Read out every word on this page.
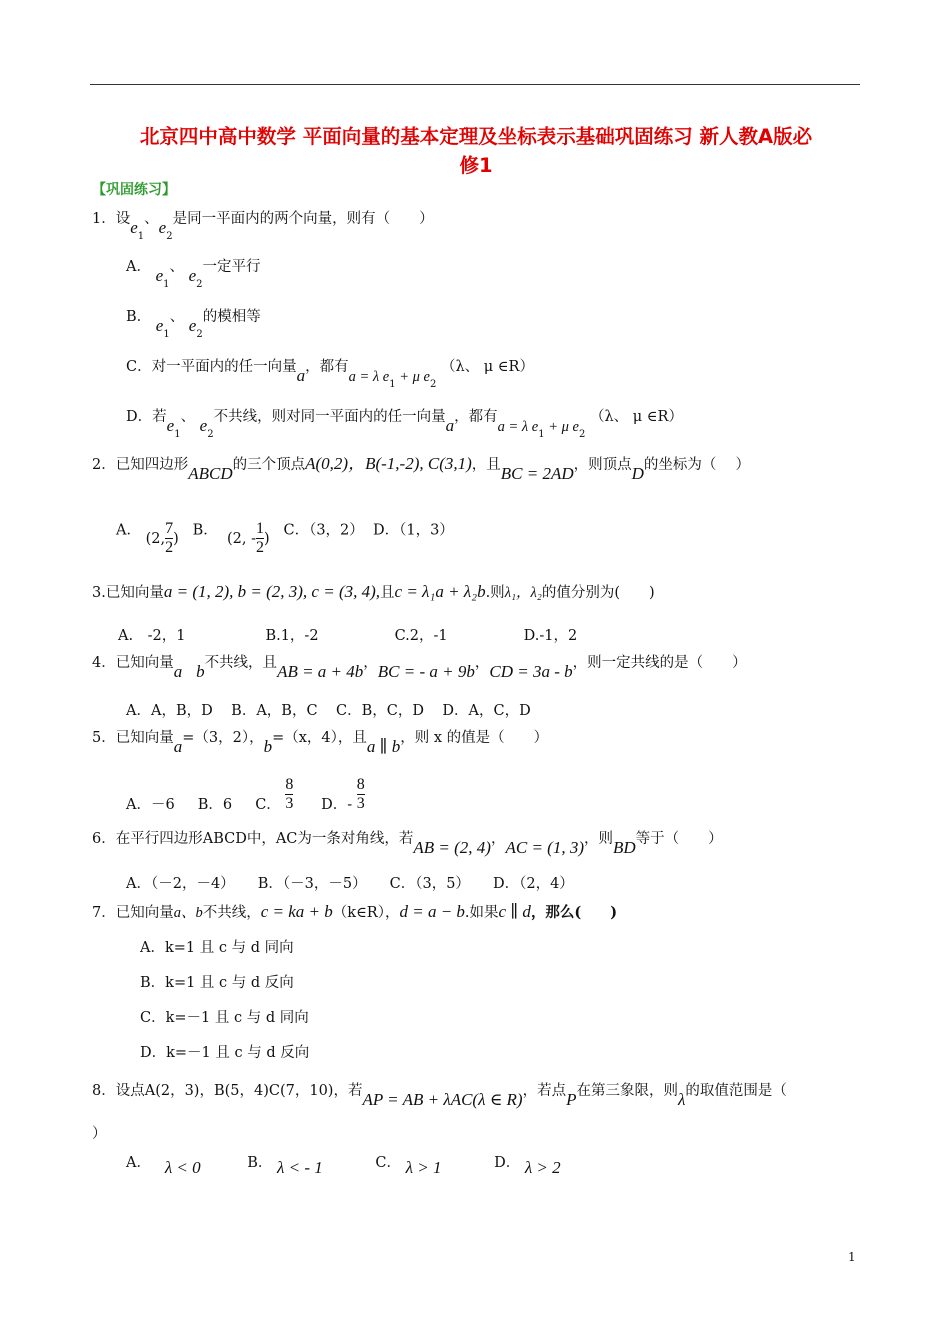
北京四中高中数学 平面向量的基本定理及坐标表示基础巩固练习 新人教A版必
修1
【巩固练习】
1．设$e_1$、$e_2$是同一平面内的两个向量，则有（　　）
A． $e_1$、 $e_2$一定平行
B． $e_1$、 $e_2$的模相等
C．对一平面内的任一向量a，都有a = λ $e_1 + \mu$ $e_2$ （λ、 μ ∈R）
D．若$e_1$、 $e_2$不共线，则对同一平面内的任一向量a，都有a = λ $e_1 + \mu$ $e_2$ （λ、 μ ∈R）
2．已知四边形ABCD的三个顶点A(0,2)，B(-1,-2), C(3,1)，且BC = 2AD，则顶点D的坐标为（　 ）
A． (2, $\frac{7}{2}$ ) B． (2, - $\frac{1}{2}$ ) C．（3，2） D．（1，3）
3.已知向量a = (1, 2), b = (2, 3), c = (3, 4),且c = λ₁a + λ₂b.则λ₁，λ₂的值分别为(　　)
A.　-2，1	B.1，-2	C.2，-1	D.-1，2
4．已知向量a b不共线，且AB = a + 4b，BC = - a + 9b，CD = 3a - b，则一定共线的是（　　）
A．A，B，D B．A，B，C C．B，C，D D．A，C，D
5．已知向量a=（3，2），b=（x，4），且a ∥ b，则 x 的值是（　　）
A．－6 B．6 C． $\frac{8}{3}$ D．- $\frac{8}{3}$
6．在平行四边形ABCD中，AC为一条对角线，若AB = (2, 4)，AC = (1, 3)，则BD等于（　　）
A．（－2，－4） B．（－3，－5） C．（3，5） D．（2，4）
7．已知向量a、b不共线，c = ka + b（k∈R），d = a − b.如果c ∥ d，那么(　　)
A．k=1 且 c 与 d 同向
B．k=1 且 c 与 d 反向
C．k=－1 且 c 与 d 同向
D．k=－1 且 c 与 d 反向
8．设点A(2，3)，B(5，4)C(7，10)，若AP = AB + λAC(λ ∈ R)，若点P在第三象限，则λ的取值范围是（
）
A． λ < 0	B． λ < - 1	C． λ > 1	D． λ > 2
1
